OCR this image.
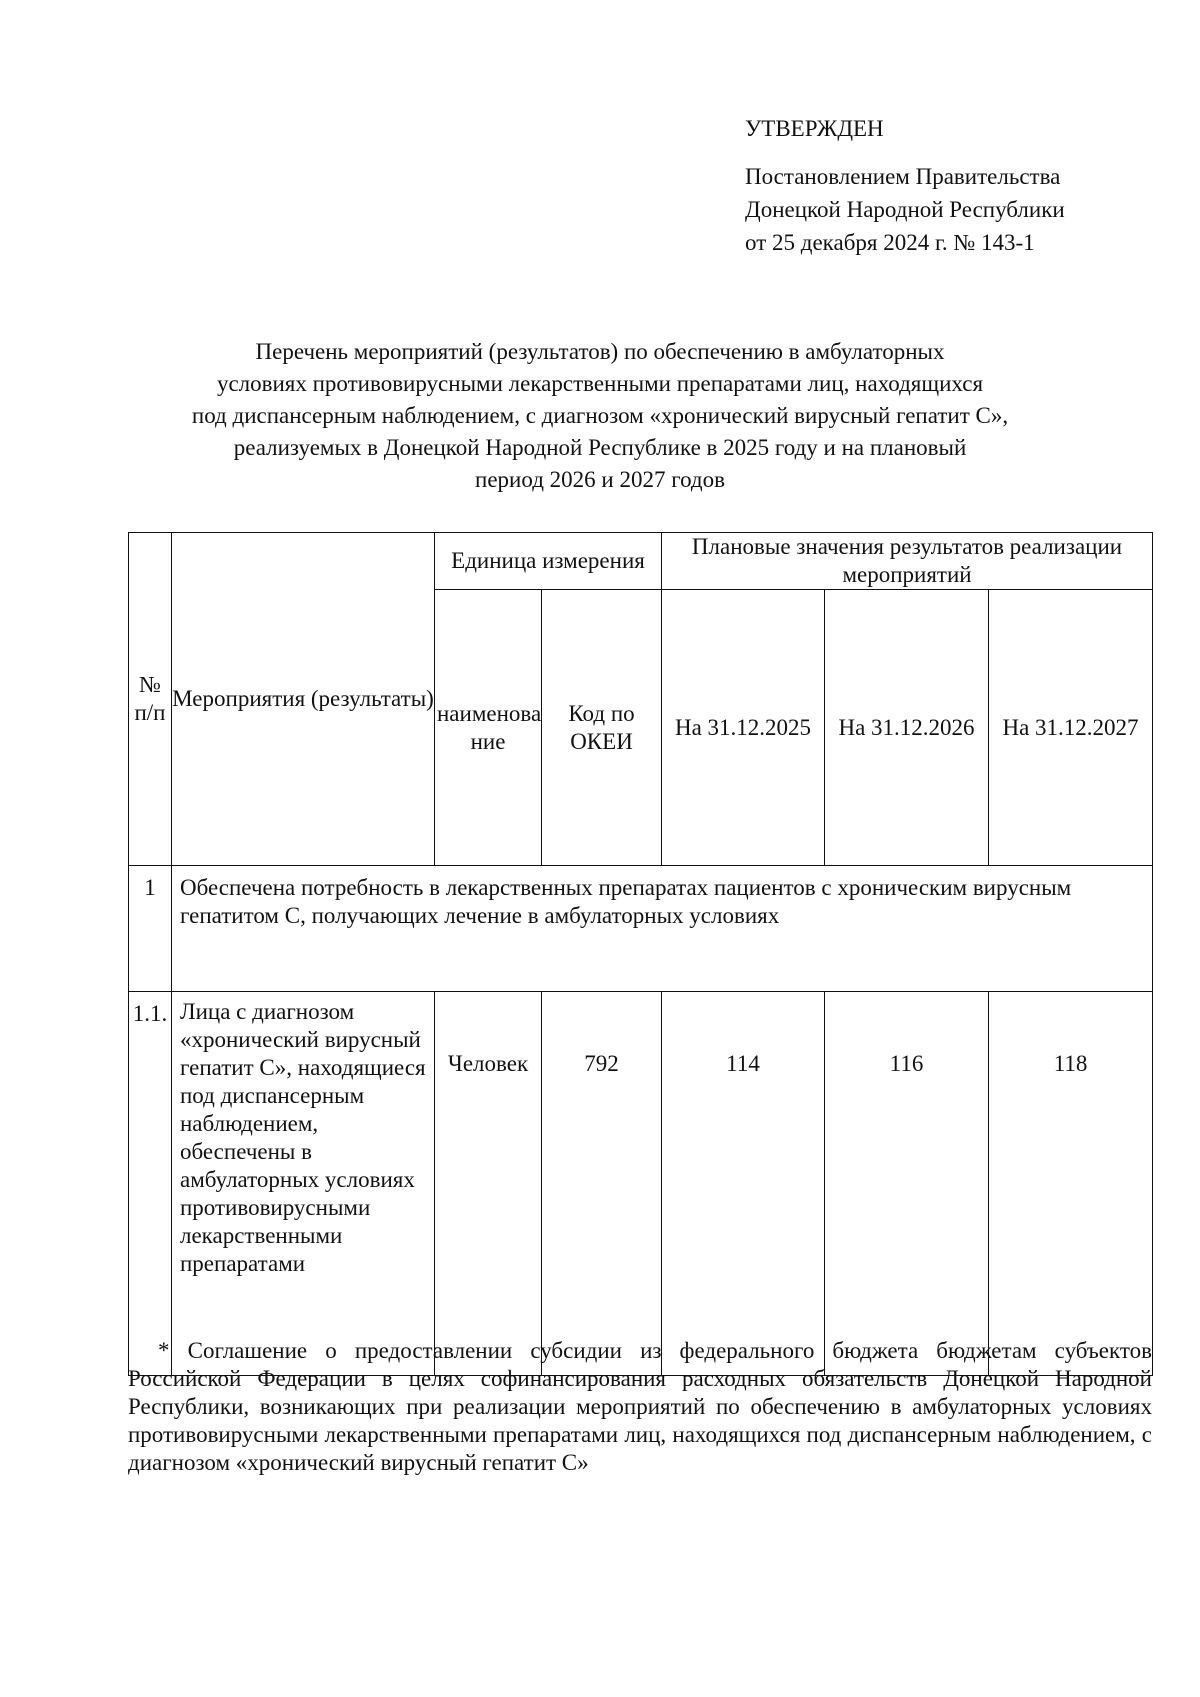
УТВЕРЖДЕН
Постановлением Правительства
Донецкой Народной Республики
от 25 декабря 2024 г. № 143-1
Перечень мероприятий (результатов) по обеспечению в амбулаторных
условиях противовирусными лекарственными препаратами лиц, находящихся
под диспансерным наблюдением, с диагнозом «хронический вирусный гепатит С»,
реализуемых в Донецкой Народной Республике в 2025 году и на плановый
период 2026 и 2027 годов
№ п/п	Мероприятия (результаты)	Единица измерения		Плановые значения результатов реализации мероприятий		
		наименова ние	Код по ОКЕИ	На 31.12.2025	На 31.12.2026	На 31.12.2027
1	Обеспечена потребность в лекарственных препаратах пациентов с хроническим вирусным гепатитом С, получающих лечение в амбулаторных условиях					
1.1.	Лица с диагнозом «хронический вирусный гепатит С», находящиеся под диспансерным наблюдением, обеспечены в амбулаторных условиях противовирусными лекарственными препаратами	Человек	792	114	116	118
* Соглашение о предоставлении субсидии из федерального бюджета бюджетам субъектов Российской Федерации в целях софинансирования расходных обязательств Донецкой Народной Республики, возникающих при реализации мероприятий по обеспечению в амбулаторных условиях противовирусными лекарственными препаратами лиц, находящихся под диспансерным наблюдением, с диагнозом «хронический вирусный гепатит С»
